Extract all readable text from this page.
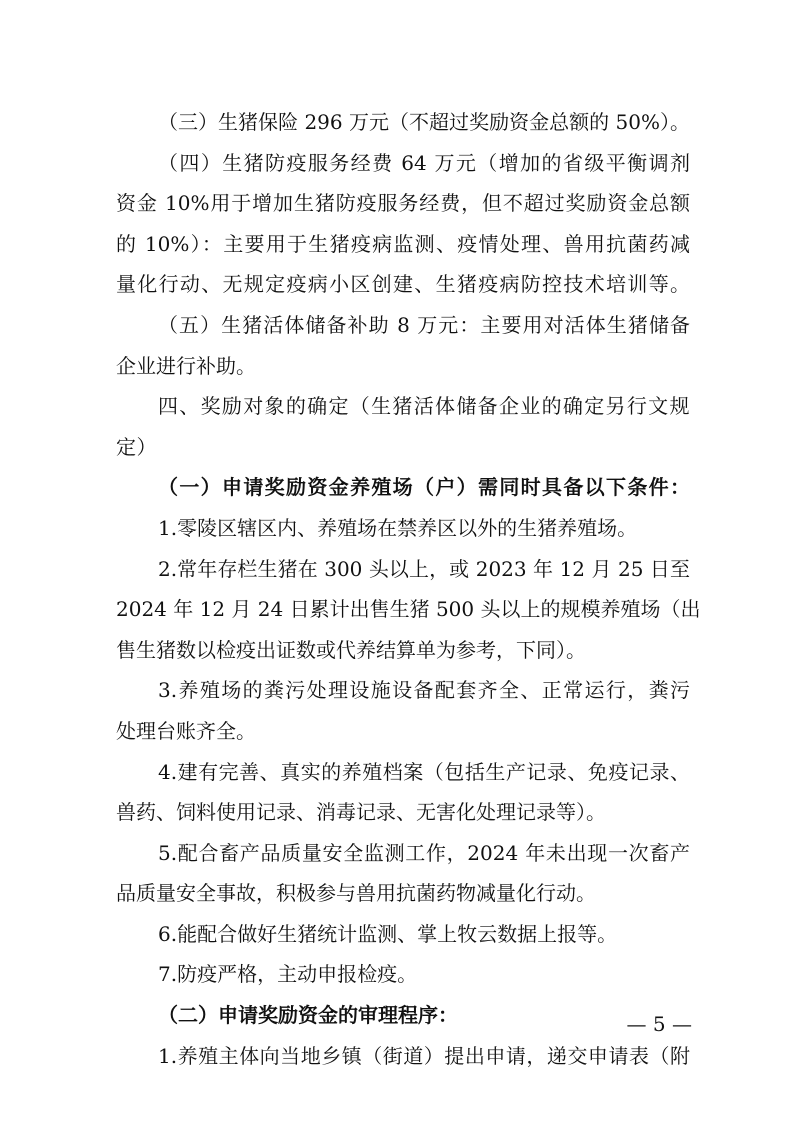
（三）生猪保险 296 万元（不超过奖励资金总额的 50%）。
（四）生猪防疫服务经费 64 万元（增加的省级平衡调剂
资金 10%用于增加生猪防疫服务经费，但不超过奖励资金总额
的 10%）：主要用于生猪疫病监测、疫情处理、兽用抗菌药减
量化行动、无规定疫病小区创建、生猪疫病防控技术培训等。
（五）生猪活体储备补助 8 万元：主要用对活体生猪储备
企业进行补助。
四、奖励对象的确定（生猪活体储备企业的确定另行文规
定）
（一）申请奖励资金养殖场（户）需同时具备以下条件：
1.零陵区辖区内、养殖场在禁养区以外的生猪养殖场。
2.常年存栏生猪在 300 头以上，或 2023 年 12 月 25 日至
2024 年 12 月 24 日累计出售生猪 500 头以上的规模养殖场（出
售生猪数以检疫出证数或代养结算单为参考，下同）。
3.养殖场的粪污处理设施设备配套齐全、正常运行，粪污
处理台账齐全。
4.建有完善、真实的养殖档案（包括生产记录、免疫记录、
兽药、饲料使用记录、消毒记录、无害化处理记录等）。
5.配合畜产品质量安全监测工作，2024 年未出现一次畜产
品质量安全事故，积极参与兽用抗菌药物减量化行动。
6.能配合做好生猪统计监测、掌上牧云数据上报等。
7.防疫严格，主动申报检疫。
（二）申请奖励资金的审理程序：
1.养殖主体向当地乡镇（街道）提出申请，递交申请表（附
— 5 —
